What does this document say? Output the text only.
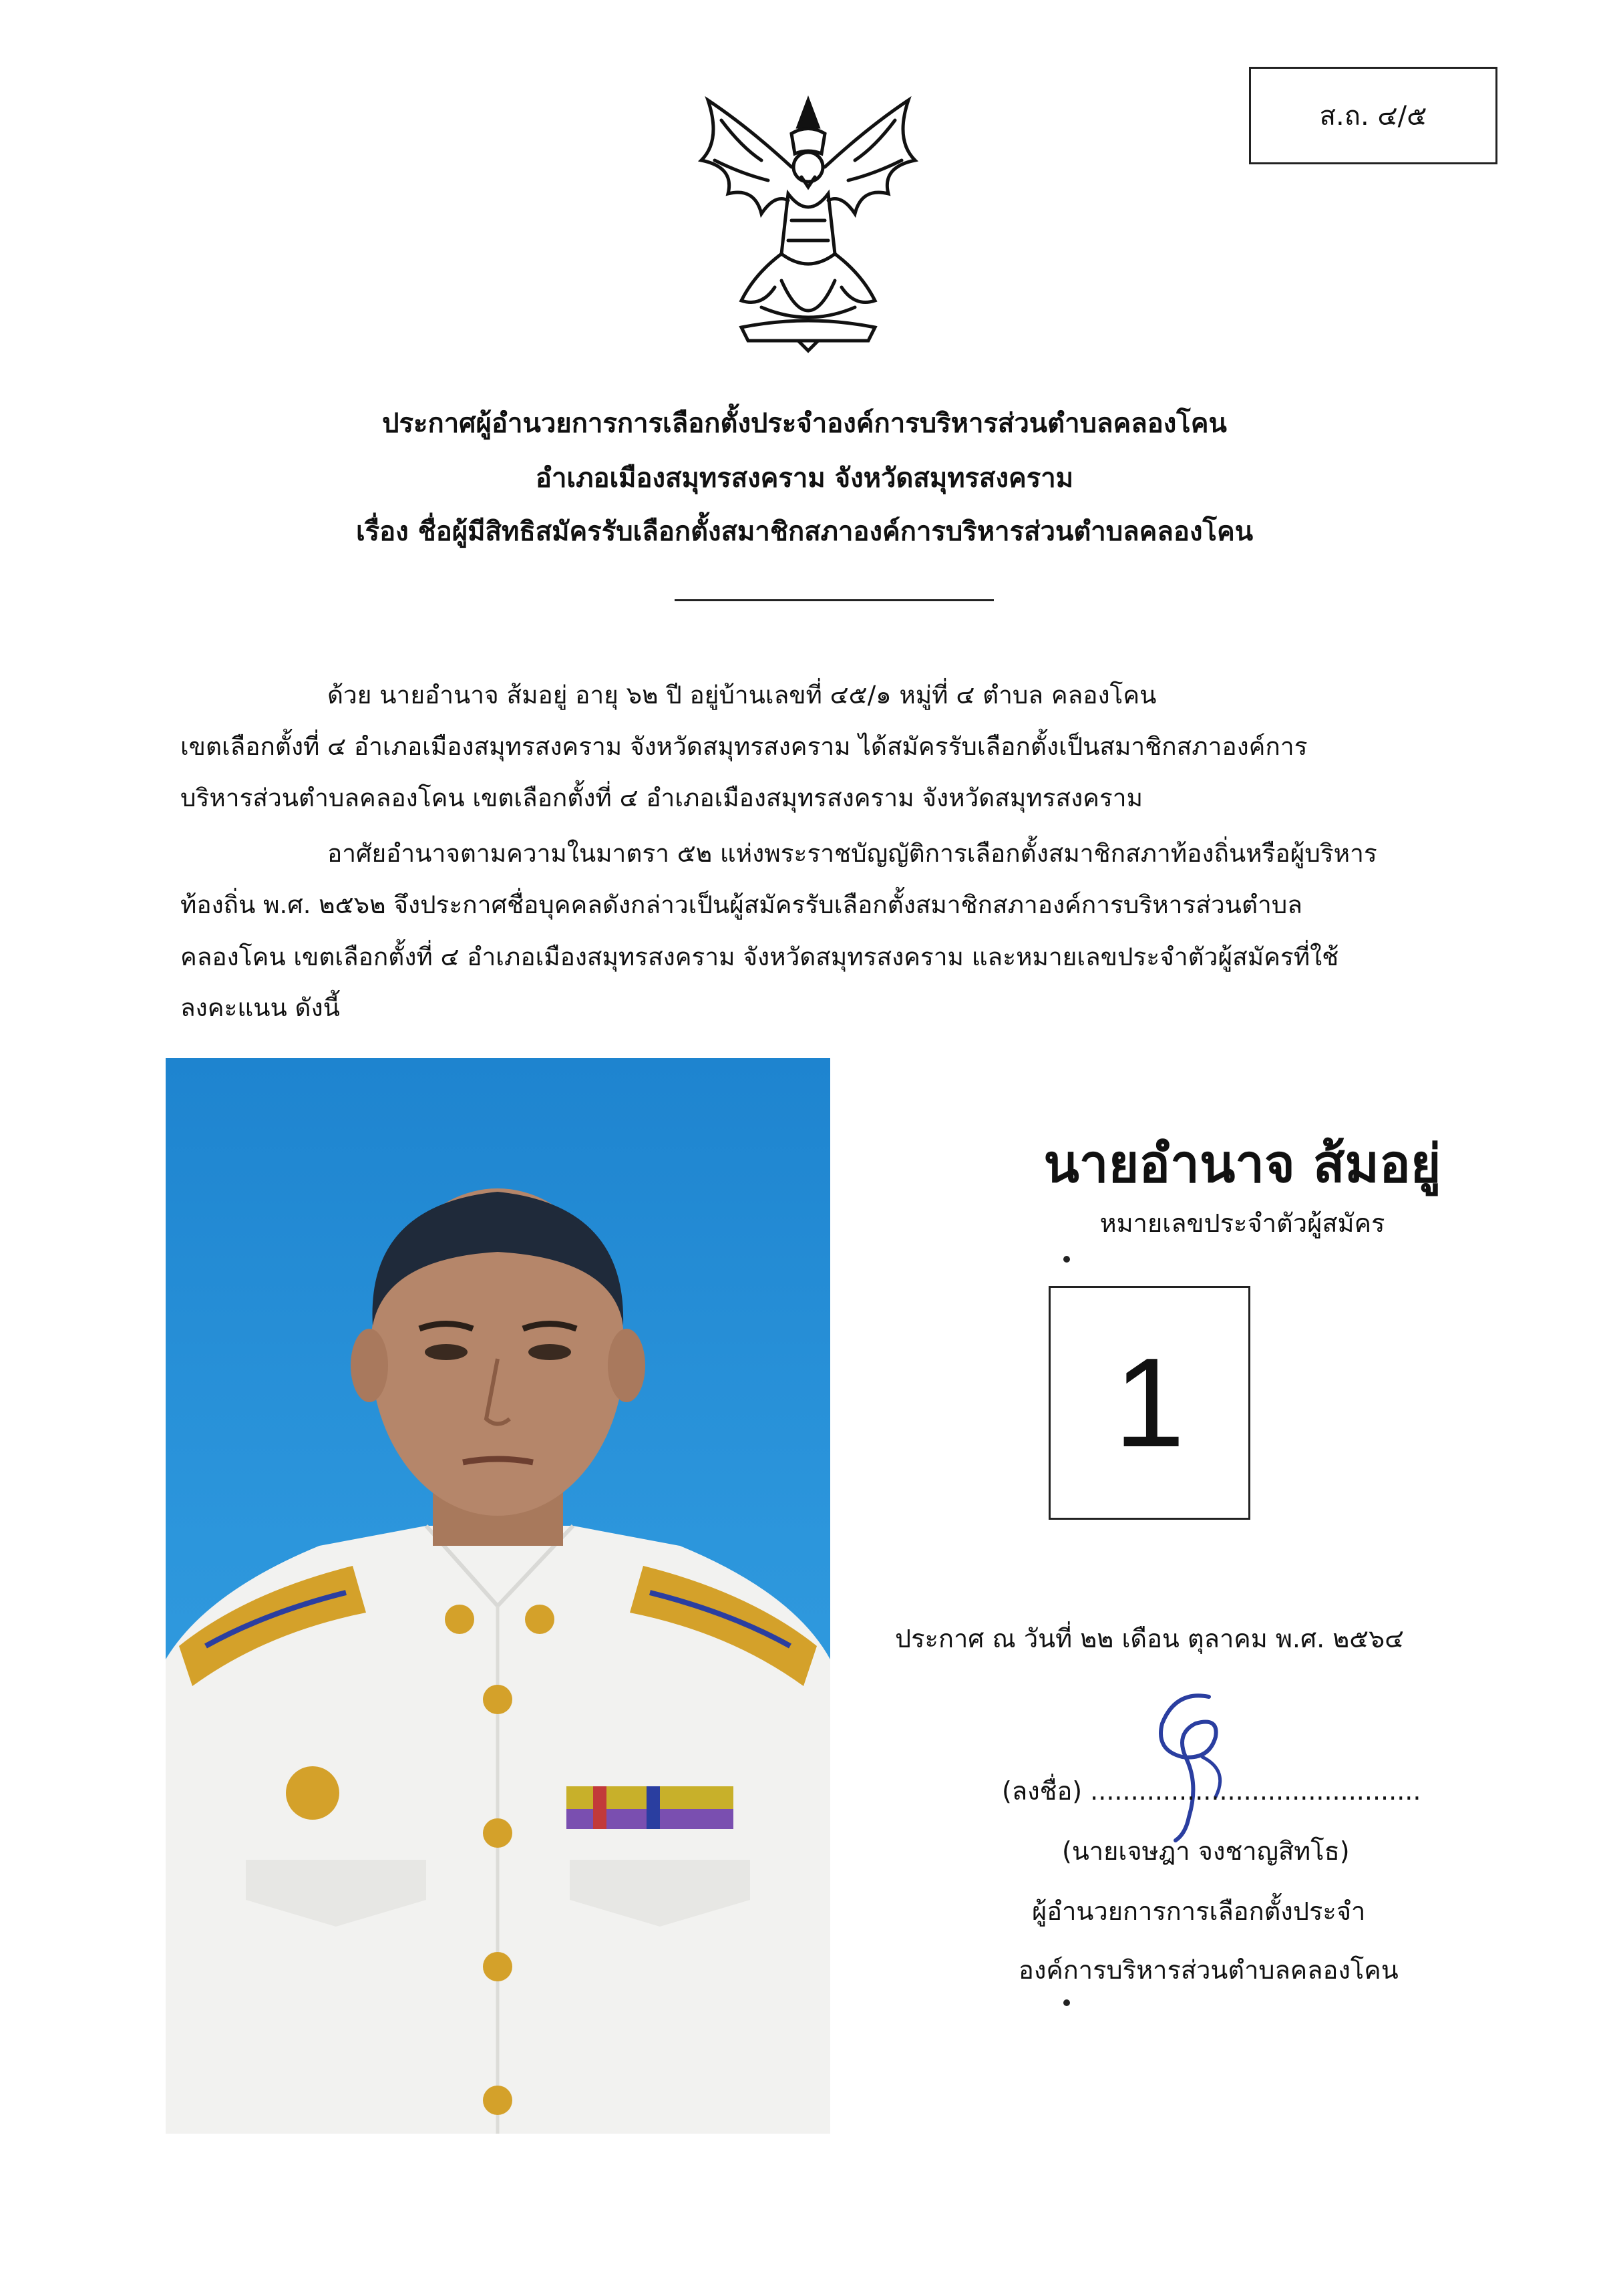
ส.ถ. ๔/๕
ประกาศผู้อำนวยการการเลือกตั้งประจำองค์การบริหารส่วนตำบลคลองโคน
อำเภอเมืองสมุทรสงคราม จังหวัดสมุทรสงคราม
เรื่อง ชื่อผู้มีสิทธิสมัครรับเลือกตั้งสมาชิกสภาองค์การบริหารส่วนตำบลคลองโคน
ด้วย นายอำนาจ ส้มอยู่ อายุ ๖๒ ปี อยู่บ้านเลขที่ ๔๕/๑ หมู่ที่ ๔ ตำบล คลองโคน
เขตเลือกตั้งที่ ๔ อำเภอเมืองสมุทรสงคราม จังหวัดสมุทรสงคราม ได้สมัครรับเลือกตั้งเป็นสมาชิกสภาองค์การ
บริหารส่วนตำบลคลองโคน เขตเลือกตั้งที่ ๔ อำเภอเมืองสมุทรสงคราม จังหวัดสมุทรสงคราม
อาศัยอำนาจตามความในมาตรา ๕๒ แห่งพระราชบัญญัติการเลือกตั้งสมาชิกสภาท้องถิ่นหรือผู้บริหาร
ท้องถิ่น พ.ศ. ๒๕๖๒ จึงประกาศชื่อบุคคลดังกล่าวเป็นผู้สมัครรับเลือกตั้งสมาชิกสภาองค์การบริหารส่วนตำบล
คลองโคน เขตเลือกตั้งที่ ๔ อำเภอเมืองสมุทรสงคราม จังหวัดสมุทรสงคราม และหมายเลขประจำตัวผู้สมัครที่ใช้
ลงคะแนน ดังนี้
นายอำนาจ ส้มอยู่
หมายเลขประจำตัวผู้สมัคร
1
ประกาศ ณ วันที่ ๒๒ เดือน ตุลาคม พ.ศ. ๒๕๖๔
(ลงชื่อ) .........................................
(นายเจษฎา จงชาญสิทโธ)
ผู้อำนวยการการเลือกตั้งประจำ
องค์การบริหารส่วนตำบลคลองโคน
